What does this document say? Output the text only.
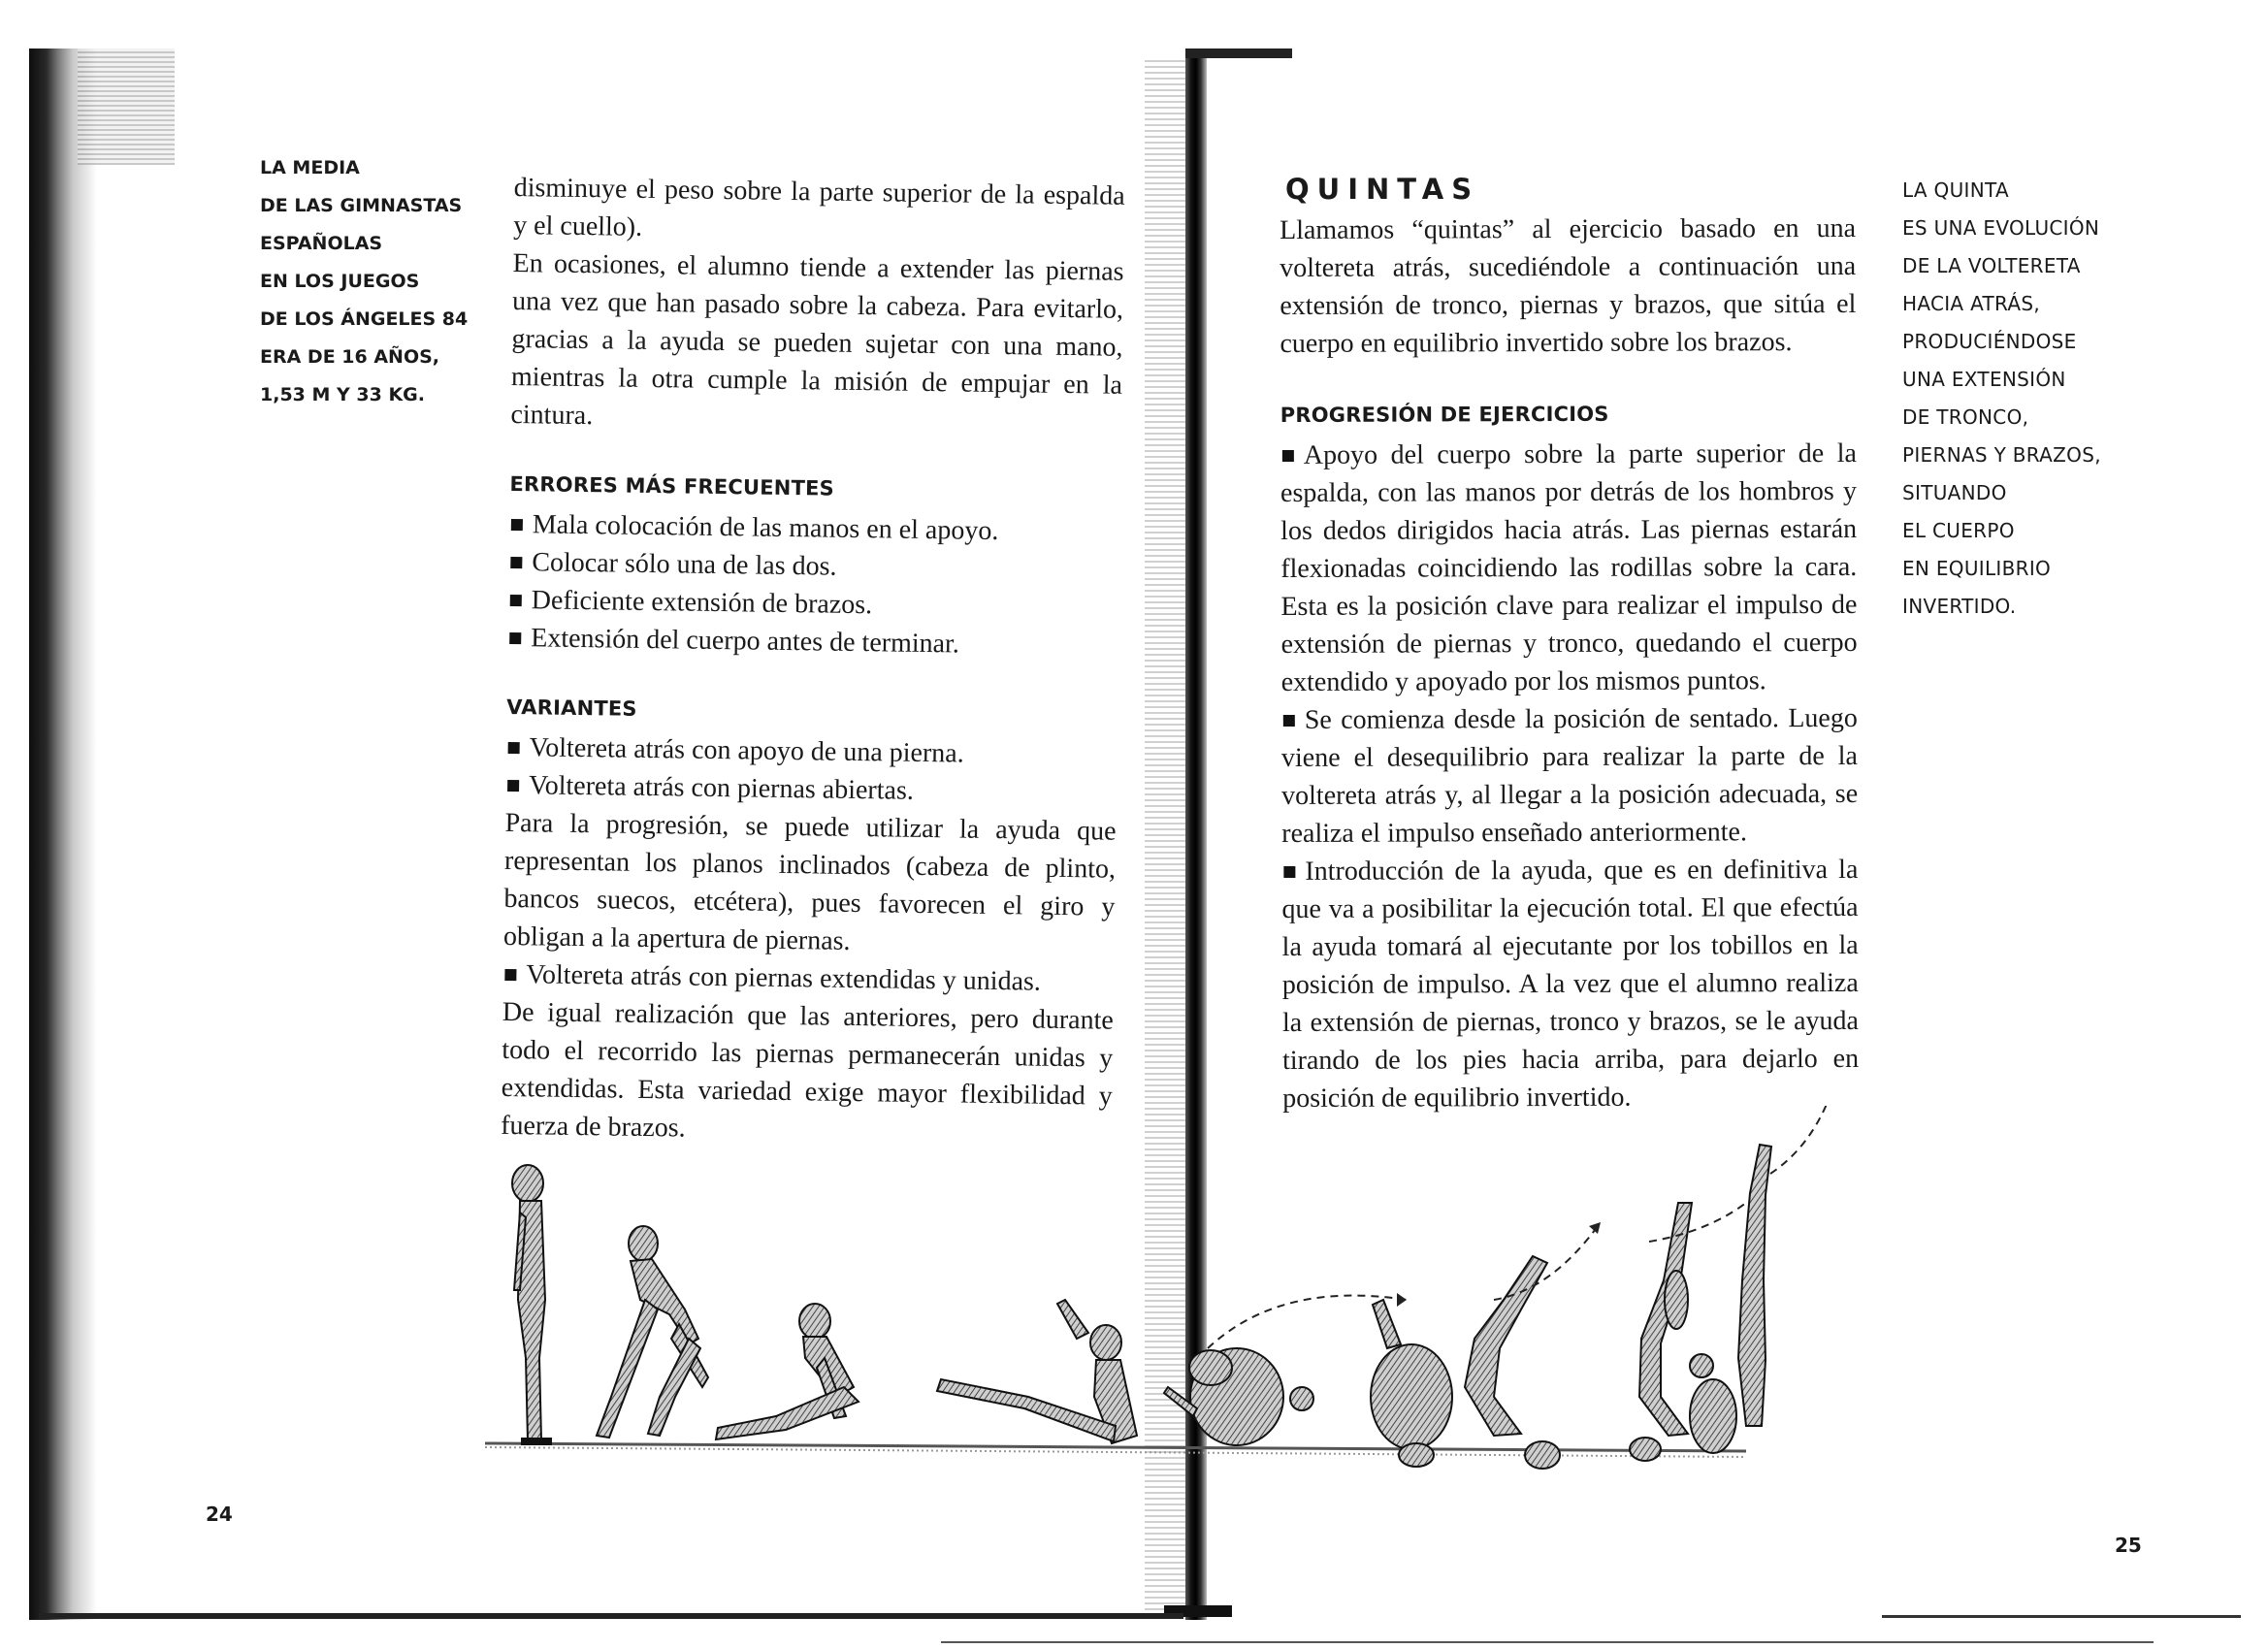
LA MEDIA
DE LAS GIMNASTAS
ESPAÑOLAS
EN LOS JUEGOS
DE LOS ÁNGELES 84
ERA DE 16 AÑOS,
1,53 M Y 33 KG.

disminuye el peso sobre la parte superior de la espalda y el cuello).

En ocasiones, el alumno tiende a extender las piernas una vez que han pasado sobre la cabeza. Para evitarlo, gracias a la ayuda se pueden sujetar con una mano, mientras la otra cumple la misión de empujar en la cintura.

ERRORES MÁS FRECUENTES
Mala colocación de las manos en el apoyo.
Colocar sólo una de las dos.
Deficiente extensión de brazos.
Extensión del cuerpo antes de terminar.
VARIANTES
Voltereta atrás con apoyo de una pierna.
Voltereta atrás con piernas abiertas.

Para la progresión, se puede utilizar la ayuda que representan los planos inclinados (cabeza de plinto, bancos suecos, etcétera), pues favorecen el giro y obligan a la apertura de piernas.

Voltereta atrás con piernas extendidas y unidas.

De igual realización que las anteriores, pero durante todo el recorrido las piernas permanecerán unidas y extendidas. Esta variedad exige mayor flexibilidad y fuerza de brazos.

24
QUINTAS

Llamamos “quintas” al ejercicio basado en una voltereta atrás, sucediéndole a continuación una extensión de tronco, piernas y brazos, que sitúa el cuerpo en equilibrio invertido sobre los brazos.

PROGRESIÓN DE EJERCICIOS
Apoyo del cuerpo sobre la parte superior de la espalda, con las manos por detrás de los hombros y los dedos dirigidos hacia atrás. Las piernas estarán flexionadas coincidiendo las rodillas sobre la cara. Esta es la posición clave para realizar el impulso de extensión de piernas y tronco, quedando el cuerpo extendido y apoyado por los mismos puntos.
Se comienza desde la posición de sentado. Luego viene el desequilibrio para realizar la parte de la voltereta atrás y, al llegar a la posición adecuada, se realiza el impulso enseñado anteriormente.
Introducción de la ayuda, que es en definitiva la que va a posibilitar la ejecución total. El que efectúa la ayuda tomará al ejecutante por los tobillos en la posición de impulso. A la vez que el alumno realiza la extensión de piernas, tronco y brazos, se le ayuda tirando de los pies hacia arriba, para dejarlo en posición de equilibrio invertido.
LA QUINTA
ES UNA EVOLUCIÓN
DE LA VOLTERETA
HACIA ATRÁS,
PRODUCIÉNDOSE
UNA EXTENSIÓN
DE TRONCO,
PIERNAS Y BRAZOS,
SITUANDO
EL CUERPO
EN EQUILIBRIO
INVERTIDO.
25
